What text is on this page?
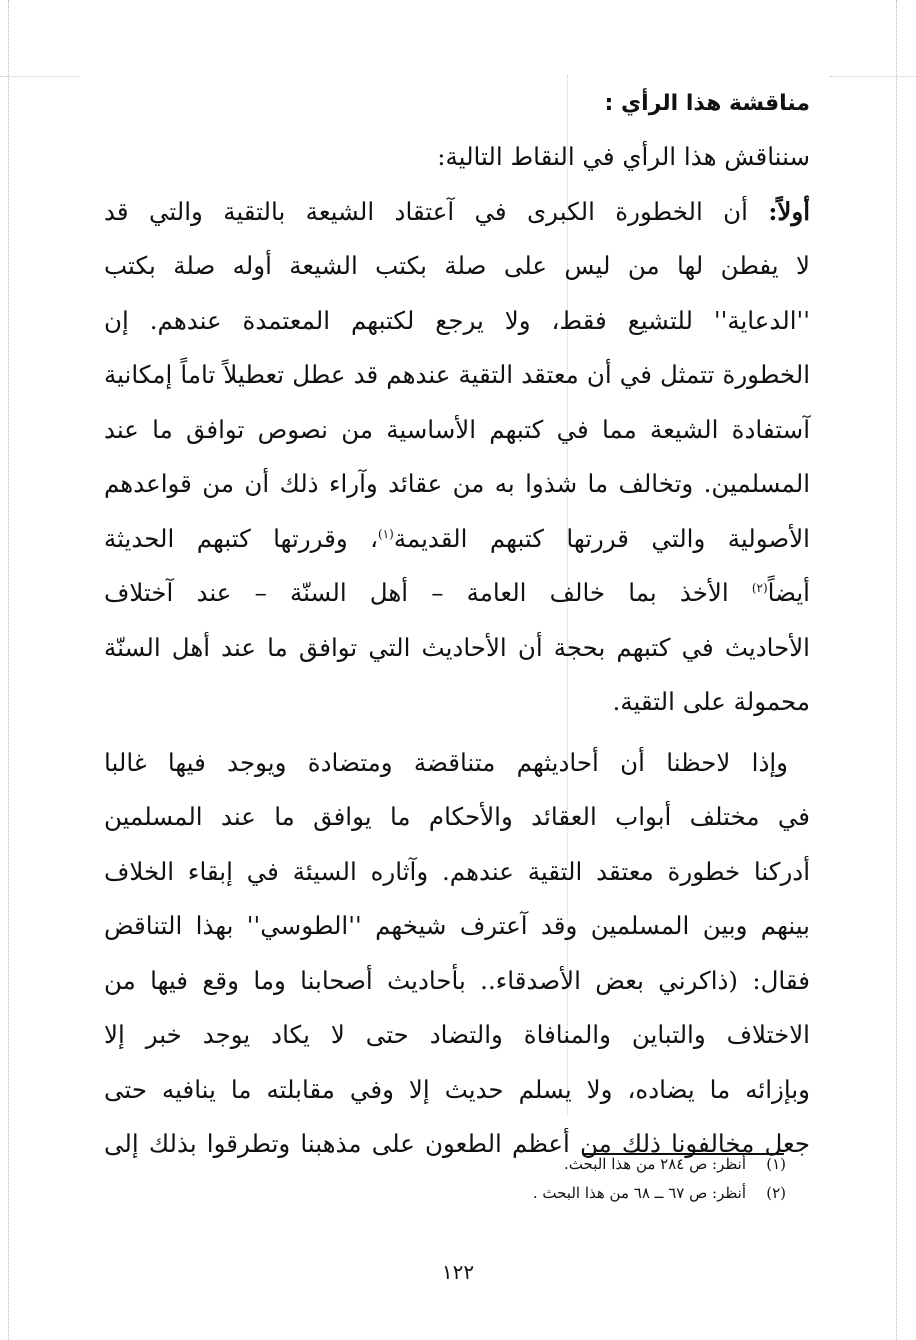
مناقشة هذا الرأي :
سنناقش هذا الرأي في النقاط التالية:
أولاً: أن الخطورة الكبرى في آعتقاد الشيعة بالتقية والتي قد
لا يفطن لها من ليس على صلة بكتب الشيعة أوله صلة بكتب
''الدعاية'' للتشيع فقط، ولا يرجع لكتبهم المعتمدة عندهم. إن
الخطورة تتمثل في أن معتقد التقية عندهم قد عطل تعطيلاً تاماً إمكانية
آستفادة الشيعة مما في كتبهم الأساسية من نصوص توافق ما عند
المسلمين. وتخالف ما شذوا به من عقائد وآراء ذلك أن من قواعدهم
الأصولية والتي قررتها كتبهم القديمة$^{(١)}$، وقررتها كتبهم الحديثة
أيضاً$^{(٢)}$ الأخذ بما خالف العامة – أهل السنّة – عند آختلاف
الأحاديث في كتبهم بحجة أن الأحاديث التي توافق ما عند أهل السنّة
محمولة على التقية.
وإذا لاحظنا أن أحاديثهم متناقضة ومتضادة ويوجد فيها غالبا
في مختلف أبواب العقائد والأحكام ما يوافق ما عند المسلمين
أدركنا خطورة معتقد التقية عندهم. وآثاره السيئة في إبقاء الخلاف
بينهم وبين المسلمين وقد آعترف شيخهم ''الطوسي'' بهذا التناقض
فقال: (ذاكرني بعض الأصدقاء.. بأحاديث أصحابنا وما وقع فيها من
الاختلاف والتباين والمنافاة والتضاد حتى لا يكاد يوجد خبر إلا
وبإزائه ما يضاده، ولا يسلم حديث إلا وفي مقابلته ما ينافيه حتى
جعل مخالفونا ذلك من أعظم الطعون على مذهبنا وتطرقوا بذلك إلى
(١)أنظر: ص ٢٨٤ من هذا البحث.
(٢)أنظر: ص ٦٧ ــ ٦٨ من هذا البحث .
١٢٢
